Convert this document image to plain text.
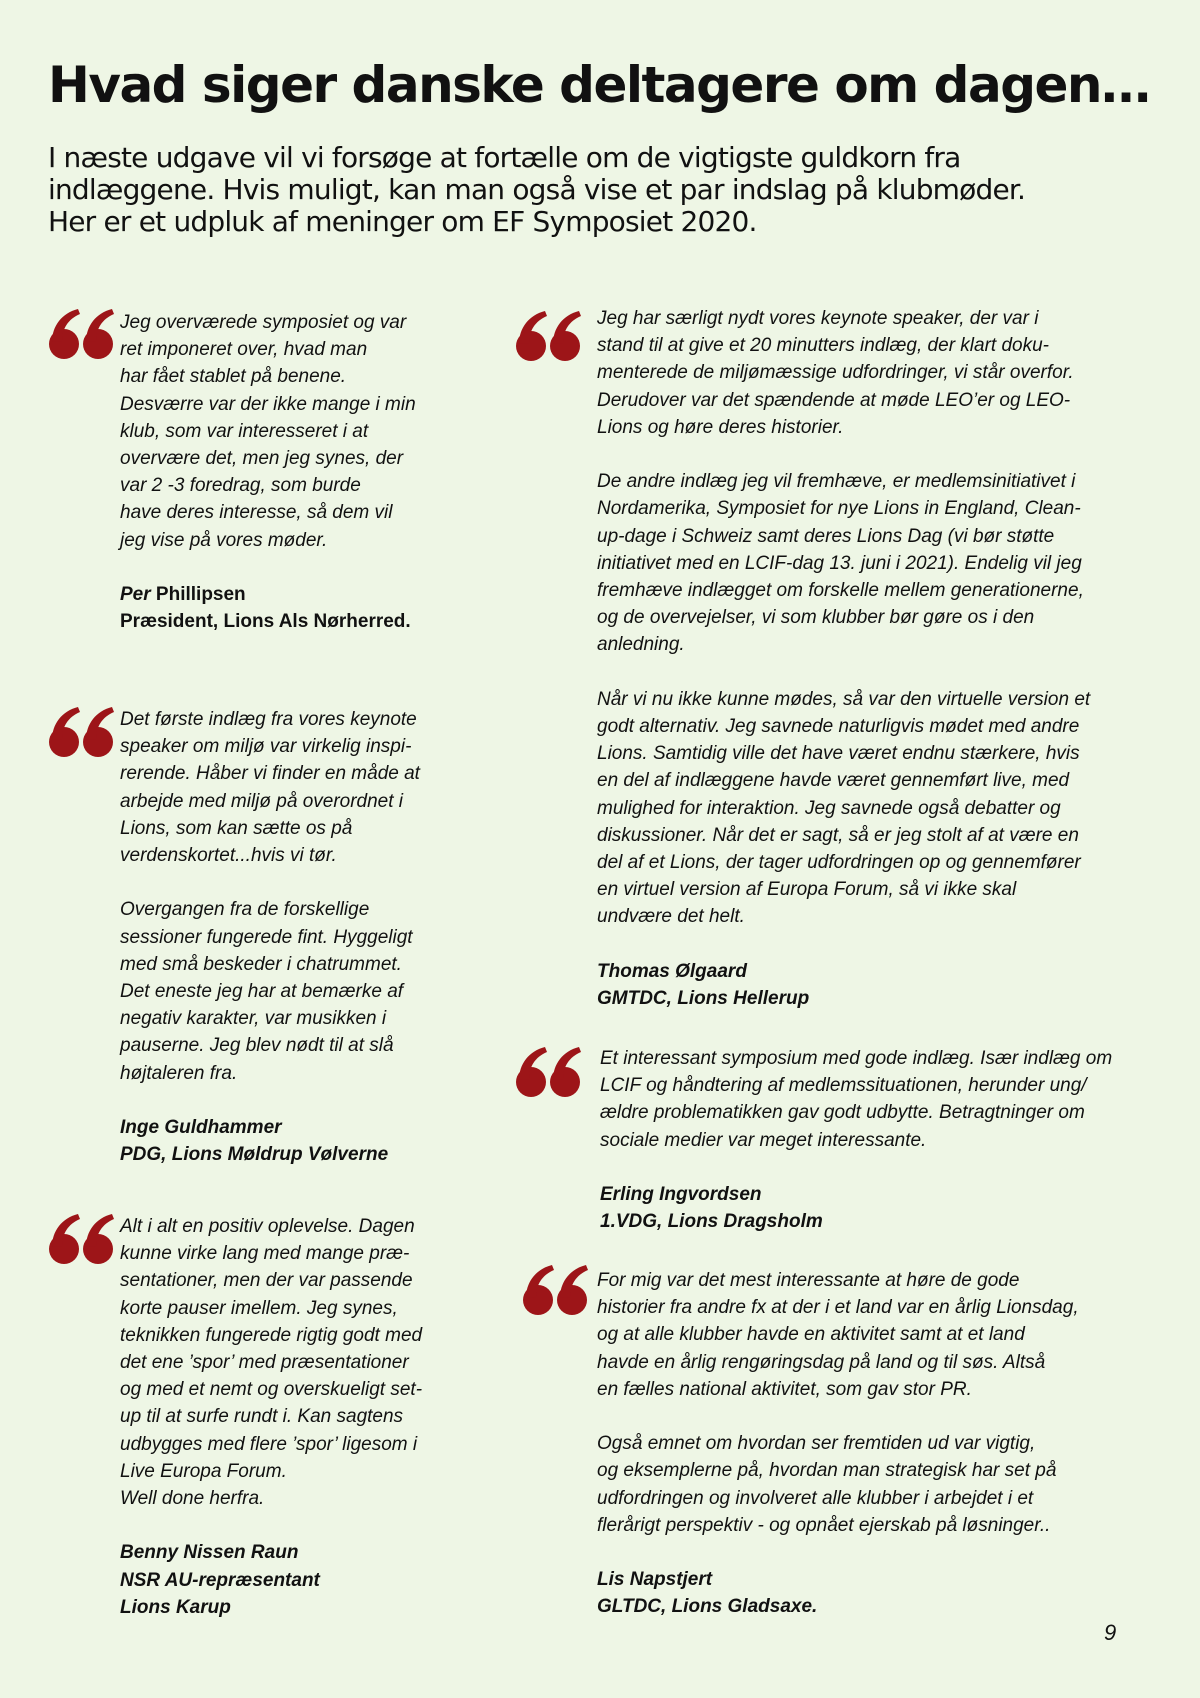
Hvad siger danske deltagere om dagen…
I næste udgave vil vi forsøge at fortælle om de vigtigste guldkorn fra
indlæggene. Hvis muligt, kan man også vise et par indslag på klubmøder.
Her er et udpluk af meninger om EF Symposiet 2020.
9
Jeg overværede symposiet og var
ret imponeret over, hvad man
har fået stablet på benene.
Desværre var der ikke mange i min
klub, som var interesseret i at
overvære det, men jeg synes, der
var 2 -3 foredrag, som burde
have deres interesse, så dem vil
jeg vise på vores møder.
Per Phillipsen
Præsident, Lions Als Nørherred.
Det første indlæg fra vores keynote
speaker om miljø var virkelig inspi-
rerende. Håber vi finder en måde at
arbejde med miljø på overordnet i
Lions, som kan sætte os på
verdenskortet...hvis vi tør.
Overgangen fra de forskellige
sessioner fungerede fint. Hyggeligt
med små beskeder i chatrummet.
Det eneste jeg har at bemærke af
negativ karakter, var musikken i
pauserne. Jeg blev nødt til at slå
højtaleren fra.
Inge Guldhammer
PDG, Lions Møldrup Vølverne
Alt i alt en positiv oplevelse. Dagen
kunne virke lang med mange præ-
sentationer, men der var passende
korte pauser imellem. Jeg synes,
teknikken fungerede rigtig godt med
det ene ’spor’ med præsentationer
og med et nemt og overskueligt set-
up til at surfe rundt i. Kan sagtens
udbygges med flere ’spor’ ligesom i
Live Europa Forum.
Well done herfra.
Benny Nissen Raun
NSR AU-repræsentant
Lions Karup
Jeg har særligt nydt vores keynote speaker, der var i
stand til at give et 20 minutters indlæg, der klart doku-
menterede de miljømæssige udfordringer, vi står overfor.
Derudover var det spændende at møde LEO’er og LEO-
Lions og høre deres historier.
De andre indlæg jeg vil fremhæve, er medlemsinitiativet i
Nordamerika, Symposiet for nye Lions in England, Clean-
up-dage i Schweiz samt deres Lions Dag (vi bør støtte
initiativet med en LCIF-dag 13. juni i 2021). Endelig vil jeg
fremhæve indlægget om forskelle mellem generationerne,
og de overvejelser, vi som klubber bør gøre os i den
anledning.
Når vi nu ikke kunne mødes, så var den virtuelle version et
godt alternativ. Jeg savnede naturligvis mødet med andre
Lions. Samtidig ville det have været endnu stærkere, hvis
en del af indlæggene havde været gennemført live, med
mulighed for interaktion. Jeg savnede også debatter og
diskussioner. Når det er sagt, så er jeg stolt af at være en
del af et Lions, der tager udfordringen op og gennemfører
en virtuel version af Europa Forum, så vi ikke skal
undvære det helt.
Thomas Ølgaard
GMTDC, Lions Hellerup
Et interessant symposium med gode indlæg. Især indlæg om
LCIF og håndtering af medlemssituationen, herunder ung/
ældre problematikken gav godt udbytte. Betragtninger om
sociale medier var meget interessante.
Erling Ingvordsen
1.VDG, Lions Dragsholm
For mig var det mest interessante at høre de gode
historier fra andre fx at der i et land var en årlig Lionsdag,
og at alle klubber havde en aktivitet samt at et land
havde en årlig rengøringsdag på land og til søs. Altså
en fælles national aktivitet, som gav stor PR.
Også emnet om hvordan ser fremtiden ud var vigtig,
og eksemplerne på, hvordan man strategisk har set på
udfordringen og involveret alle klubber i arbejdet i et
flerårigt perspektiv - og opnået ejerskab på løsninger..
Lis Napstjert
GLTDC, Lions Gladsaxe.
